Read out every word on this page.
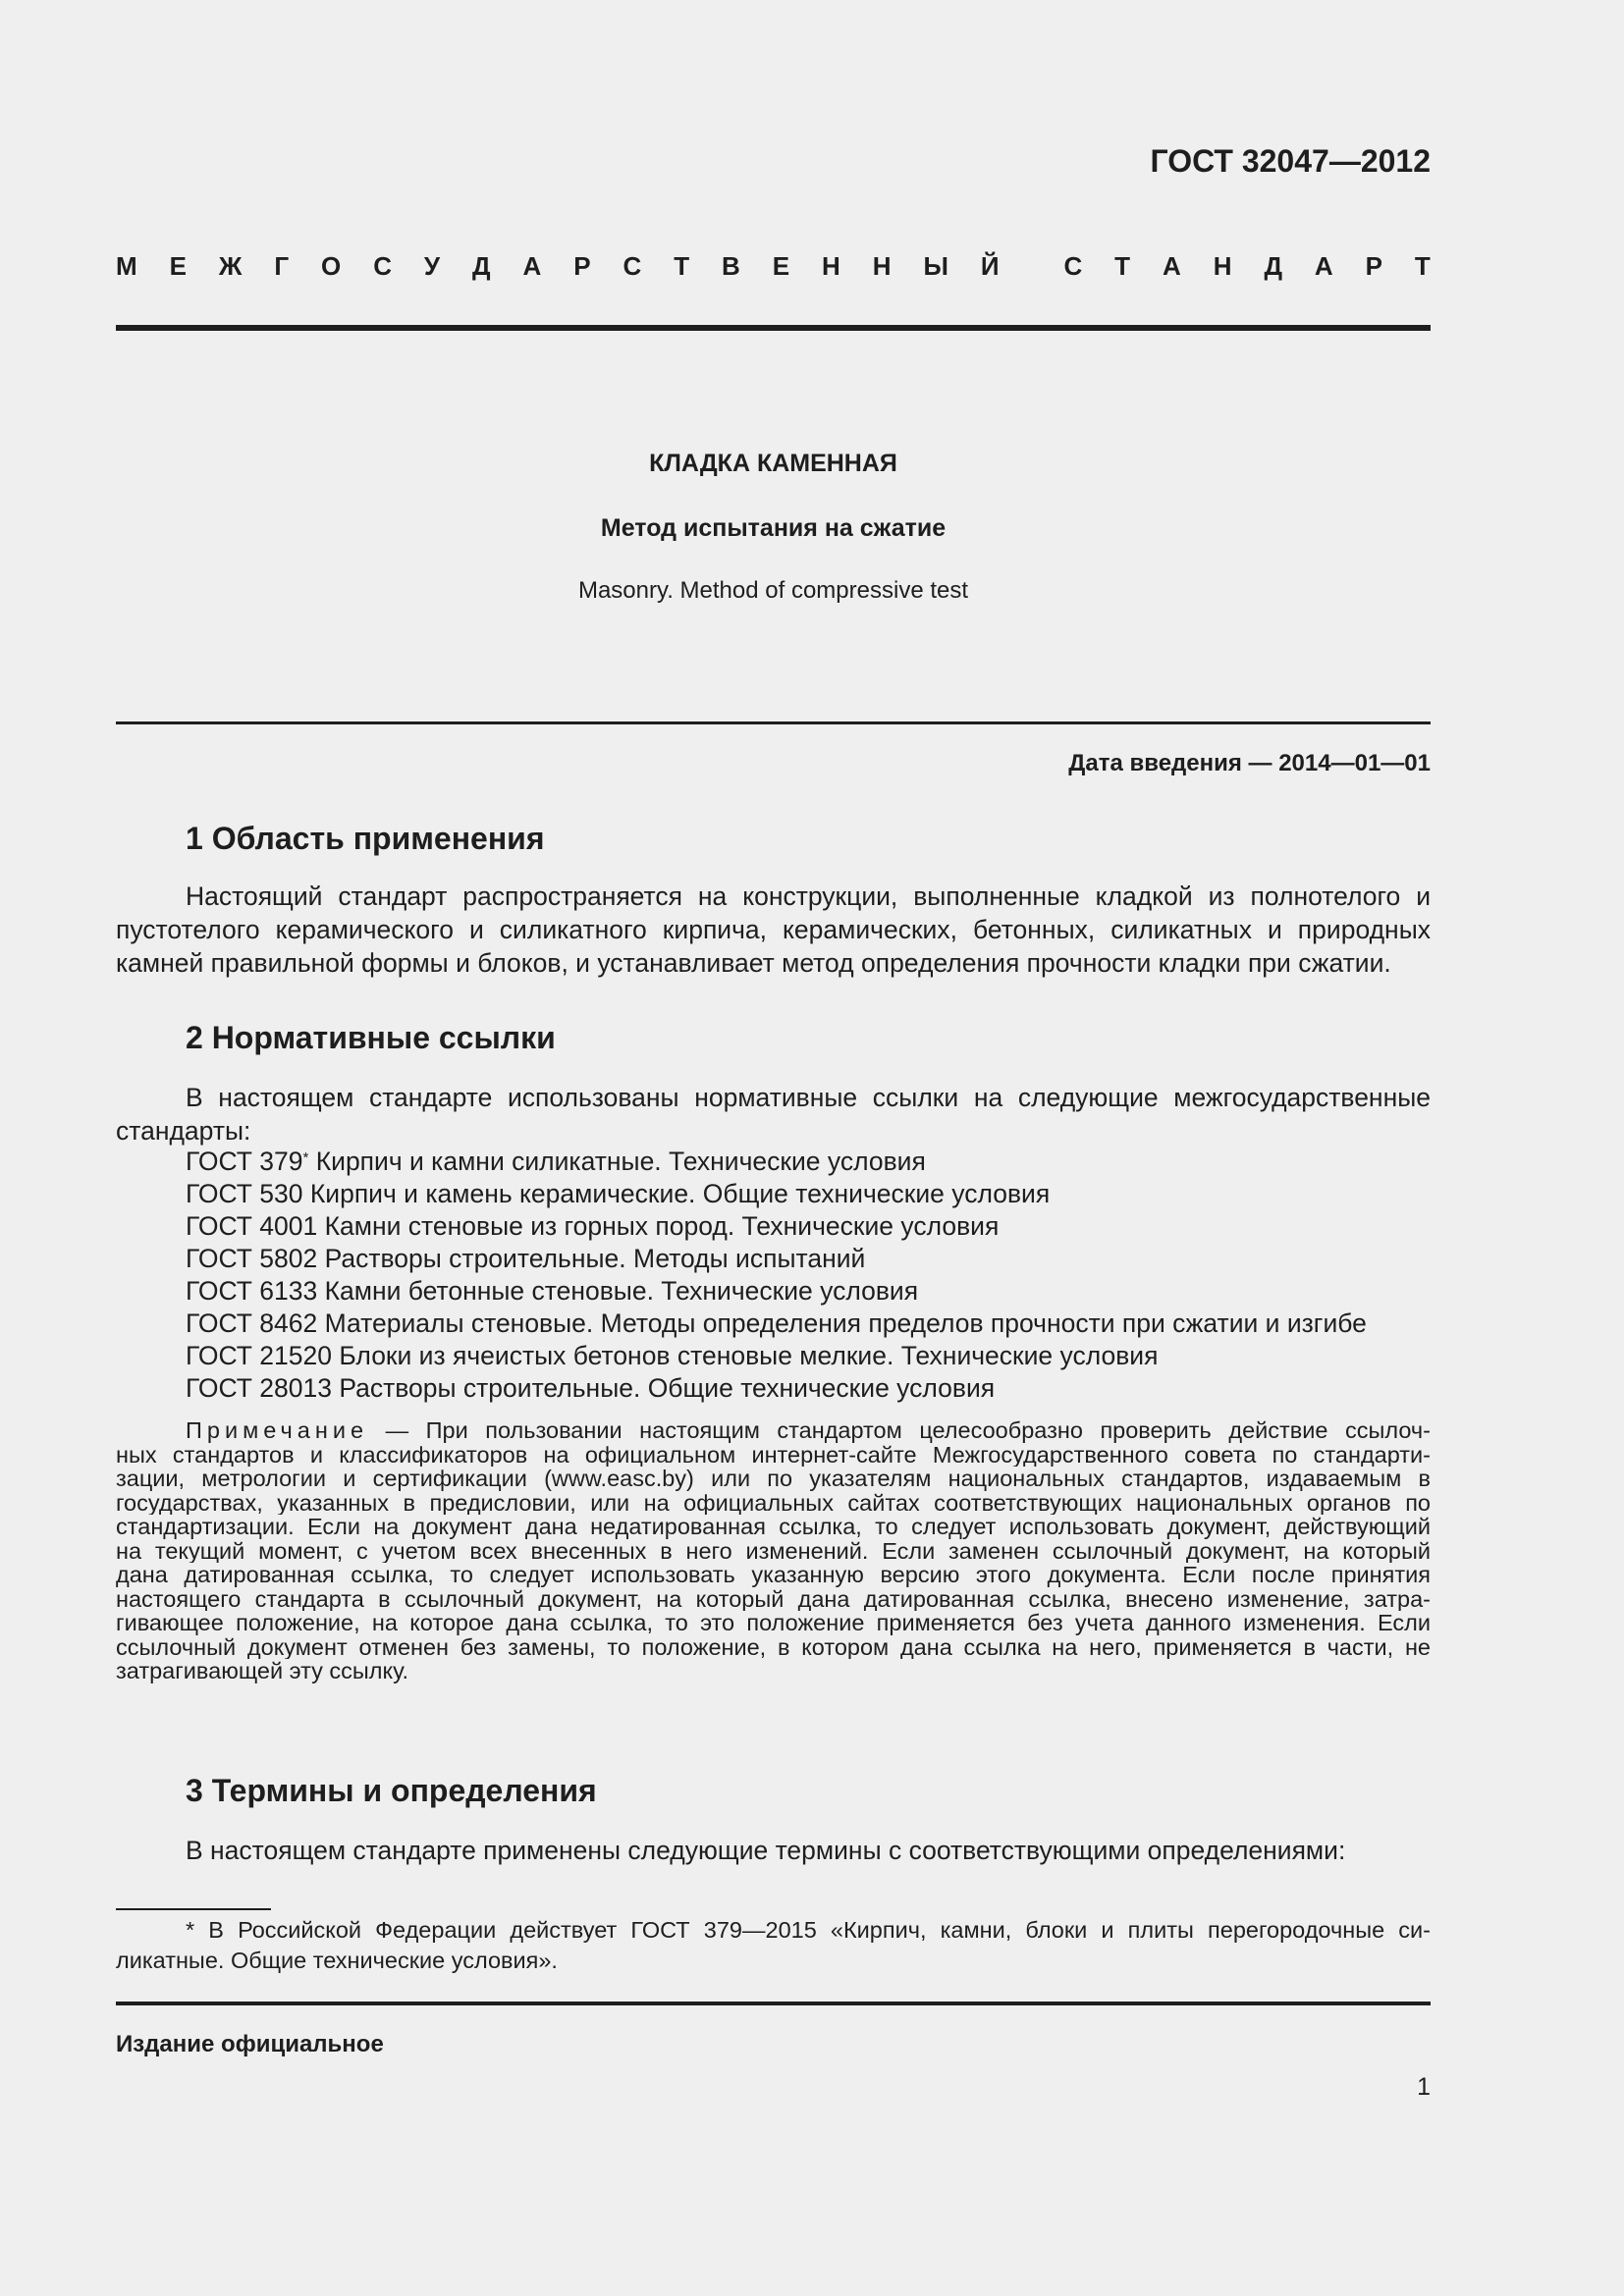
ГОСТ 32047—2012
М Е Ж Г О С У Д А Р С Т В Е Н Н Ы Й	С Т А Н Д А Р Т
КЛАДКА КАМЕННАЯ
Метод испытания на сжатие
Masonry. Method of compressive test
Дата введения — 2014—01—01
1 Область применения
Настоящий стандарт распространяется на конструкции, выполненные кладкой из полнотелого и
пустотелого керамического и силикатного кирпича, керамических, бетонных, силикатных и природных
камней правильной формы и блоков, и устанавливает метод определения прочности кладки при сжатии.
2 Нормативные ссылки
В настоящем стандарте использованы нормативные ссылки на следующие межгосударственные
стандарты:
ГОСТ 379* Кирпич и камни силикатные. Технические условия
ГОСТ 530 Кирпич и камень керамические. Общие технические условия
ГОСТ 4001 Камни стеновые из горных пород. Технические условия
ГОСТ 5802 Растворы строительные. Методы испытаний
ГОСТ 6133 Камни бетонные стеновые. Технические условия
ГОСТ 8462 Материалы стеновые. Методы определения пределов прочности при сжатии и изгибе
ГОСТ 21520 Блоки из ячеистых бетонов стеновые мелкие. Технические условия
ГОСТ 28013 Растворы строительные. Общие технические условия
Примечание — При пользовании настоящим стандартом целесообразно проверить действие ссылоч-
ных стандартов и классификаторов на официальном интернет-сайте Межгосударственного совета по стандарти-
зации, метрологии и сертификации (www.easc.by) или по указателям национальных стандартов, издаваемым в
государствах, указанных в предисловии, или на официальных сайтах соответствующих национальных органов по
стандартизации. Если на документ дана недатированная ссылка, то следует использовать документ, действующий
на текущий момент, с учетом всех внесенных в него изменений. Если заменен ссылочный документ, на который
дана датированная ссылка, то следует использовать указанную версию этого документа. Если после принятия
настоящего стандарта в ссылочный документ, на который дана датированная ссылка, внесено изменение, затра-
гивающее положение, на которое дана ссылка, то это положение применяется без учета данного изменения. Если
ссылочный документ отменен без замены, то положение, в котором дана ссылка на него, применяется в части, не
затрагивающей эту ссылку.
3 Термины и определения
В настоящем стандарте применены следующие термины с соответствующими определениями:
* В Российской Федерации действует ГОСТ 379—2015 «Кирпич, камни, блоки и плиты перегородочные си-
ликатные. Общие технические условия».
Издание официальное
1
